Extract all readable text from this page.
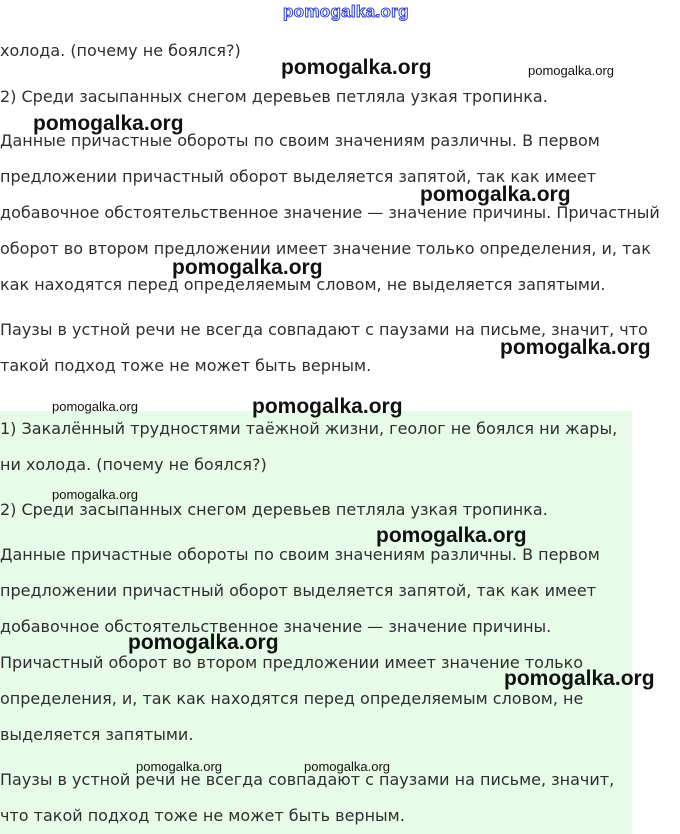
pomogalka.org

холода. (почему не боялся?)

2) Среди засыпанных снегом деревьев петляла узкая тропинка.

Данные причастные обороты по своим значениям различны. В первом

предложении причастный оборот выделяется запятой, так как имеет

добавочное обстоятельственное значение — значение причины. Причастный

оборот во втором предложении имеет значение только определения, и, так

как находятся перед определяемым словом, не выделяется запятыми.

Паузы в устной речи не всегда совпадают с паузами на письме, значит, что

такой подход тоже не может быть верным.

1) Закалённый трудностями таёжной жизни, геолог не боялся ни жары,

ни холода. (почему не боялся?)

2) Среди засыпанных снегом деревьев петляла узкая тропинка.

Данные причастные обороты по своим значениям различны. В первом

предложении причастный оборот выделяется запятой, так как имеет

добавочное обстоятельственное значение — значение причины.

Причастный оборот во втором предложении имеет значение только

определения, и, так как находятся перед определяемым словом, не

выделяется запятыми.

Паузы в устной речи не всегда совпадают с паузами на письме, значит,

что такой подход тоже не может быть верным.

pomogalka.org	pomogalka.org
pomogalka.org
pomogalka.org
pomogalka.org
pomogalka.org
pomogalka.org	pomogalka.org
pomogalka.org
pomogalka.org
pomogalka.org
pomogalka.org
pomogalka.org	pomogalka.org
